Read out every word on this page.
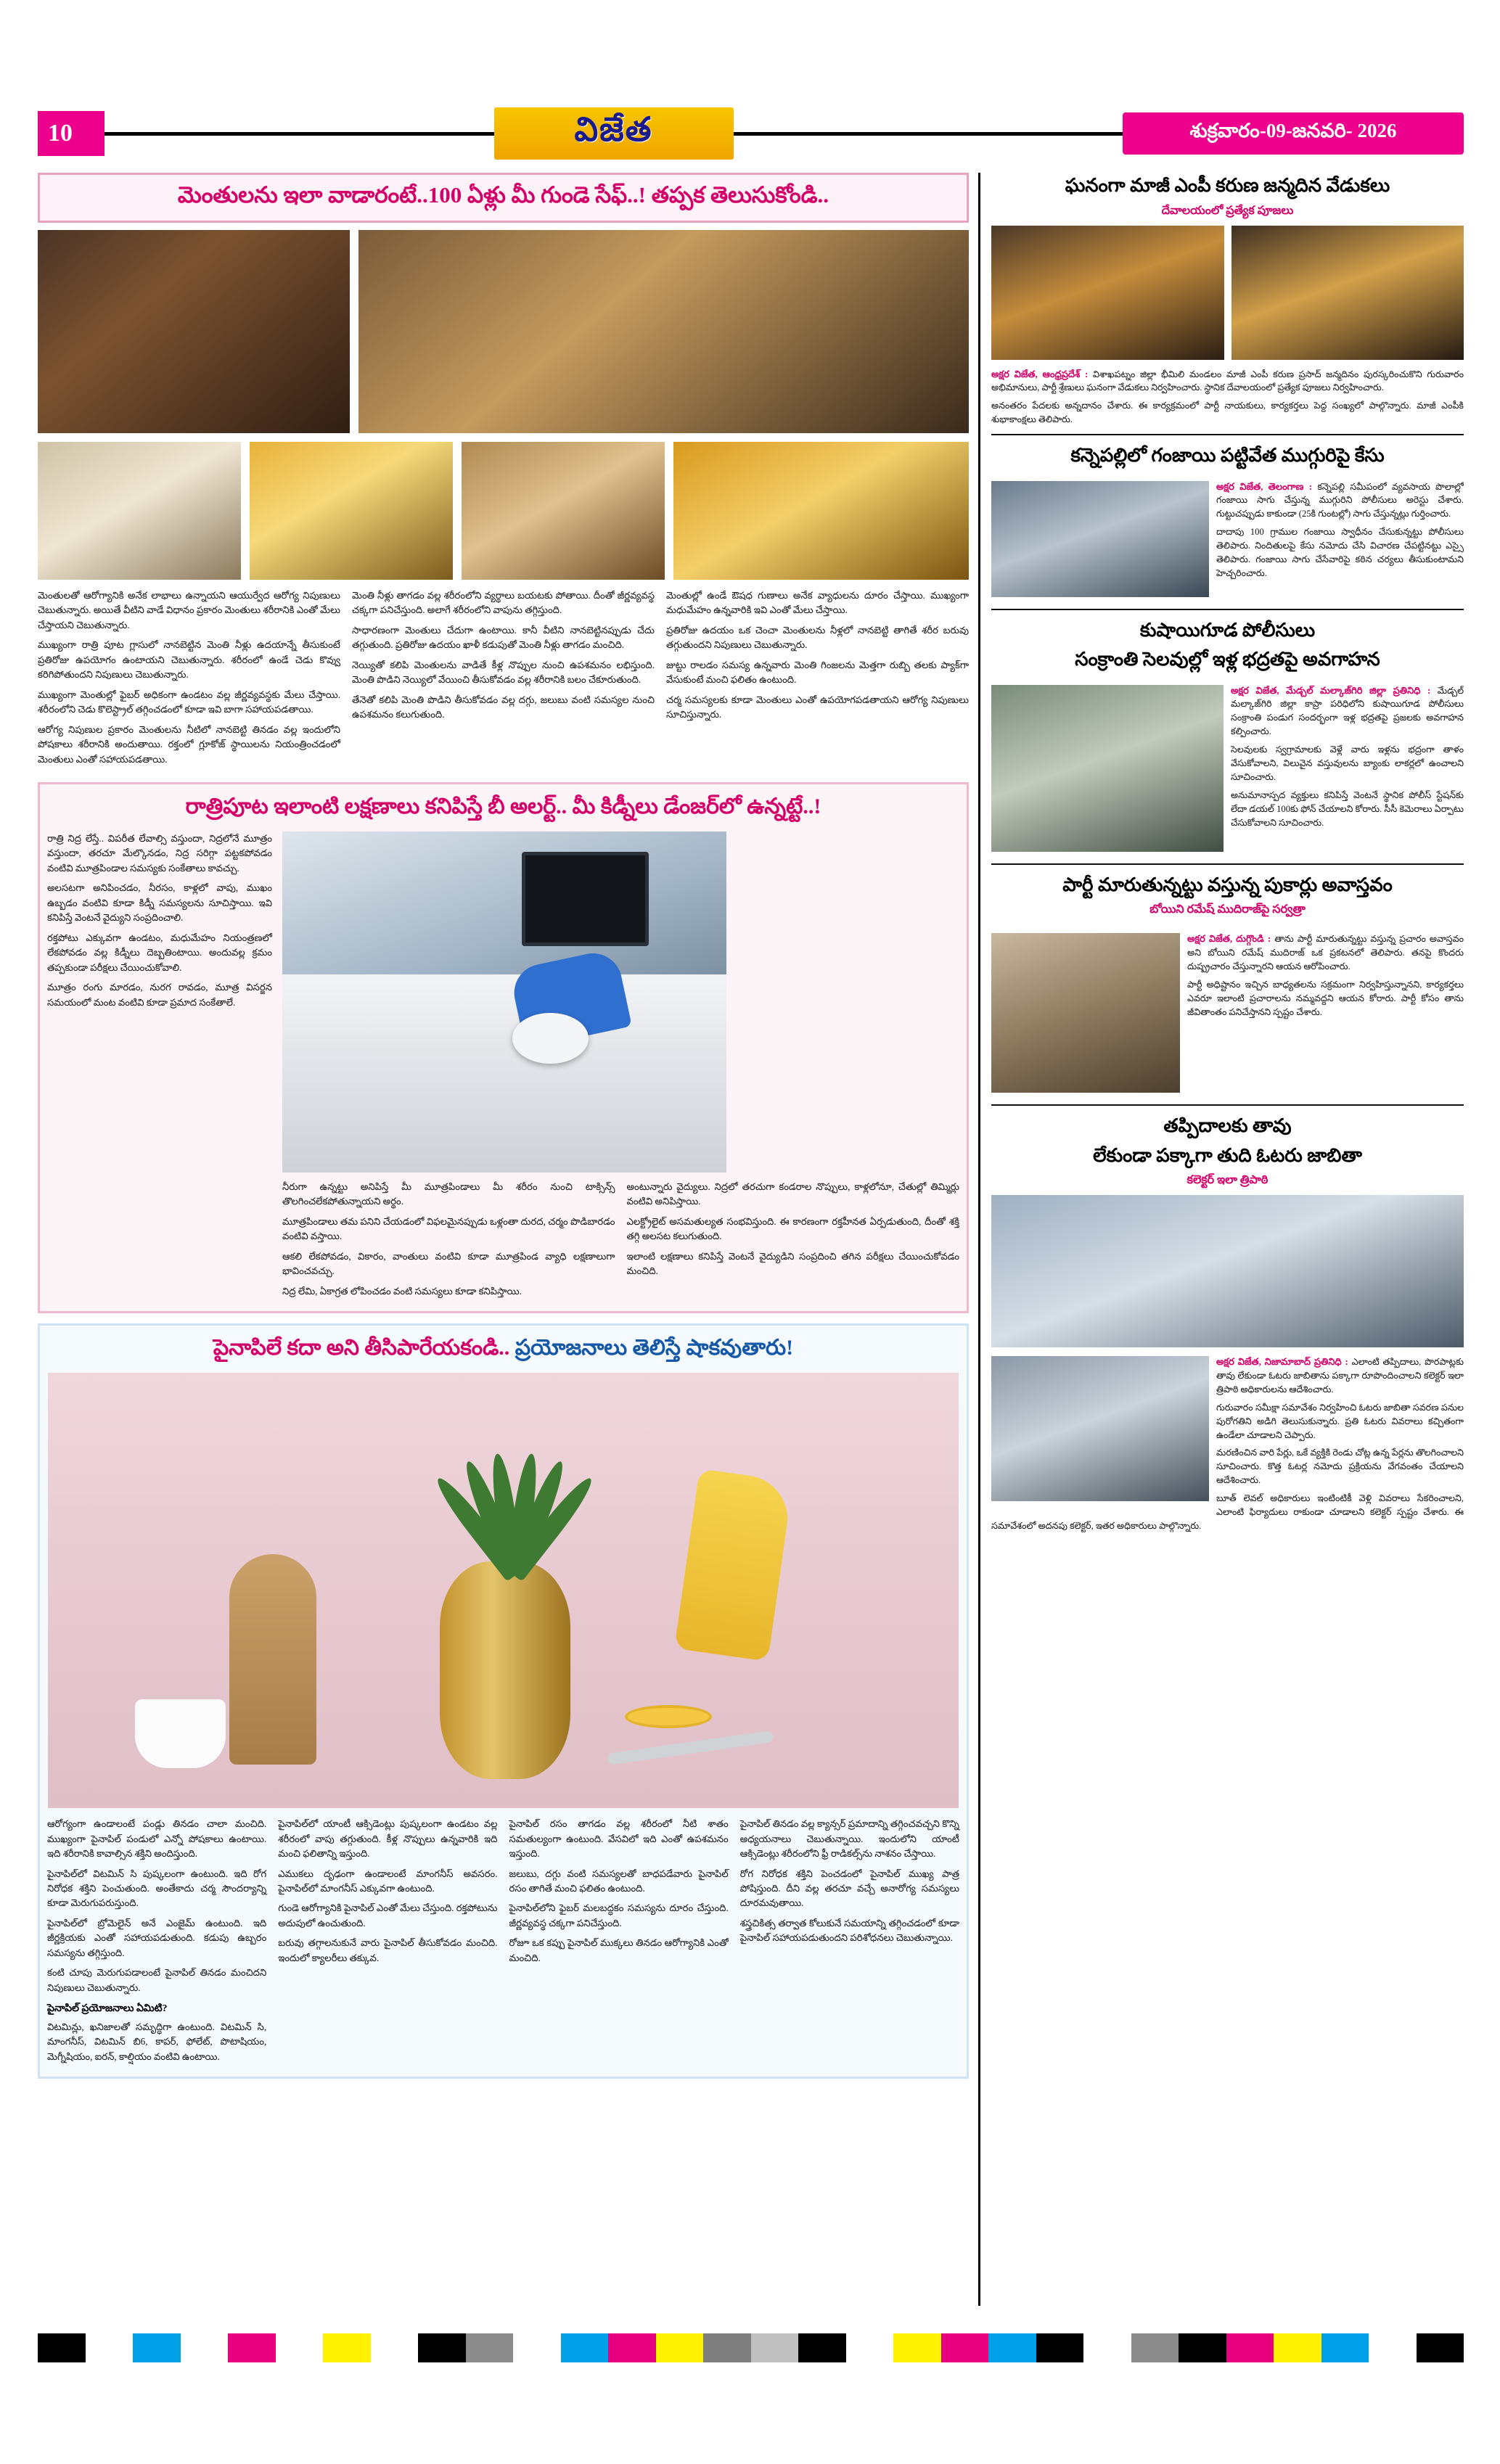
10	విజేత	శుక్రవారం-09-జనవరి- 2026
మెంతులను ఇలా వాడారంటే..100 ఏళ్లు మీ గుండె సేఫ్..! తప్పక తెలుసుకోండి..

మెంతులతో ఆరోగ్యానికి అనేక లాభాలు ఉన్నాయని ఆయుర్వేద ఆరోగ్య నిపుణులు చెబుతున్నారు. అయితే వీటిని వాడే విధానం ప్రకారం మెంతులు శరీరానికి ఎంతో మేలు చేస్తాయని చెబుతున్నారు.

ముఖ్యంగా రాత్రి పూట గ్లాసులో నానబెట్టిన మెంతి నీళ్లు ఉదయాన్నే తీసుకుంటే ప్రతిరోజు ఉపయోగం ఉంటాయని చెబుతున్నారు. శరీరంలో ఉండే చెడు కొవ్వు కరిగిపోతుందని నిపుణులు చెబుతున్నారు.

ముఖ్యంగా మెంతుల్లో ఫైబర్ అధికంగా ఉండటం వల్ల జీర్ణవ్యవస్థకు మేలు చేస్తాయి. శరీరంలోని చెడు కొలెస్ట్రాల్ తగ్గించడంలో కూడా ఇవి బాగా సహాయపడతాయి.

ఆరోగ్య నిపుణుల ప్రకారం మెంతులను నీటిలో నానబెట్టి తినడం వల్ల ఇందులోని పోషకాలు శరీరానికి అందుతాయి. రక్తంలో గ్లూకోజ్ స్థాయిలను నియంత్రించడంలో మెంతులు ఎంతో సహాయపడతాయి.

మెంతి నీళ్లు తాగడం వల్ల శరీరంలోని వ్యర్థాలు బయటకు పోతాయి. దీంతో జీర్ణవ్యవస్థ చక్కగా పనిచేస్తుంది. అలాగే శరీరంలోని వాపును తగ్గిస్తుంది.

సాధారణంగా మెంతులు చేదుగా ఉంటాయి. కానీ వీటిని నానబెట్టినప్పుడు చేదు తగ్గుతుంది. ప్రతిరోజు ఉదయం ఖాళీ కడుపుతో మెంతి నీళ్లు తాగడం మంచిది.

నెయ్యితో కలిపి మెంతులను వాడితే కీళ్ల నొప్పుల నుంచి ఉపశమనం లభిస్తుంది. మెంతి పొడిని నెయ్యిలో వేయించి తీసుకోవడం వల్ల శరీరానికి బలం చేకూరుతుంది.

తేనెతో కలిపి మెంతి పొడిని తీసుకోవడం వల్ల దగ్గు, జలుబు వంటి సమస్యల నుంచి ఉపశమనం కలుగుతుంది.

మెంతుల్లో ఉండే ఔషధ గుణాలు అనేక వ్యాధులను దూరం చేస్తాయి. ముఖ్యంగా మధుమేహం ఉన్నవారికి ఇవి ఎంతో మేలు చేస్తాయి.

ప్రతిరోజు ఉదయం ఒక చెంచా మెంతులను నీళ్లలో నానబెట్టి తాగితే శరీర బరువు తగ్గుతుందని నిపుణులు చెబుతున్నారు.

జుట్టు రాలడం సమస్య ఉన్నవారు మెంతి గింజలను మెత్తగా రుబ్బి తలకు ప్యాక్‌గా వేసుకుంటే మంచి ఫలితం ఉంటుంది.

చర్మ సమస్యలకు కూడా మెంతులు ఎంతో ఉపయోగపడతాయని ఆరోగ్య నిపుణులు సూచిస్తున్నారు.

రాత్రిపూట ఇలాంటి లక్షణాలు కనిపిస్తే బీ అలర్ట్.. మీ కిడ్నీలు డేంజర్‌లో ఉన్నట్టే..!

రాత్రి నిద్ర లేస్తే.. విపరీత లేవాల్సి వస్తుందా, నిద్రలోనే మూత్రం వస్తుందా, తరచూ మేల్కొనడం, నిద్ర సరిగ్గా పట్టకపోవడం వంటివి మూత్రపిండాల సమస్యకు సంకేతాలు కావచ్చు.

అలసటగా అనిపించడం, నీరసం, కాళ్లలో వాపు, ముఖం ఉబ్బడం వంటివి కూడా కిడ్నీ సమస్యలను సూచిస్తాయి. ఇవి కనిపిస్తే వెంటనే వైద్యుని సంప్రదించాలి.

రక్తపోటు ఎక్కువగా ఉండటం, మధుమేహం నియంత్రణలో లేకపోవడం వల్ల కిడ్నీలు దెబ్బతింటాయి. అందువల్ల క్రమం తప్పకుండా పరీక్షలు చేయించుకోవాలి.

మూత్రం రంగు మారడం, నురగ రావడం, మూత్ర విసర్జన సమయంలో మంట వంటివి కూడా ప్రమాద సంకేతాలే.

నీరుగా ఉన్నట్టు అనిపిస్తే మీ మూత్రపిండాలు మీ శరీరం నుంచి టాక్సిన్స్ తొలగించలేకపోతున్నాయని అర్థం.

మూత్రపిండాలు తమ పనిని చేయడంలో విఫలమైనప్పుడు ఒళ్లంతా దురద, చర్మం పొడిబారడం వంటివి వస్తాయి.

ఆకలి లేకపోవడం, వికారం, వాంతులు వంటివి కూడా మూత్రపిండ వ్యాధి లక్షణాలుగా భావించవచ్చు.

నిద్ర లేమి, ఏకాగ్రత లోపించడం వంటి సమస్యలు కూడా కనిపిస్తాయి.

అంటున్నారు వైద్యులు. నిద్రలో తరచుగా కండరాల నొప్పులు, కాళ్లలోనూ, చేతుల్లో తిమ్మిర్లు వంటివి అనిపిస్తాయి.

ఎలక్ట్రోలైట్ అసమతుల్యత సంభవిస్తుంది. ఈ కారణంగా రక్తహీనత ఏర్పడుతుంది, దీంతో శక్తి తగ్గి అలసట కలుగుతుంది.

ఇలాంటి లక్షణాలు కనిపిస్తే వెంటనే వైద్యుడిని సంప్రదించి తగిన పరీక్షలు చేయించుకోవడం మంచిది.

పైనాపిలే కదా అని తీసిపారేయకండి.. ప్రయోజనాలు తెలిస్తే షాకవుతారు!

ఆరోగ్యంగా ఉండాలంటే పండ్లు తినడం చాలా మంచిది. ముఖ్యంగా పైనాపిల్ పండులో ఎన్నో పోషకాలు ఉంటాయి. ఇది శరీరానికి కావాల్సిన శక్తిని అందిస్తుంది.

పైనాపిల్‌లో విటమిన్ సి పుష్కలంగా ఉంటుంది. ఇది రోగ నిరోధక శక్తిని పెంచుతుంది. అంతేకాదు చర్మ సౌందర్యాన్ని కూడా మెరుగుపరుస్తుంది.

పైనాపిల్‌లో బ్రోమెలైన్ అనే ఎంజైమ్ ఉంటుంది. ఇది జీర్ణక్రియకు ఎంతో సహాయపడుతుంది. కడుపు ఉబ్బరం సమస్యను తగ్గిస్తుంది.

కంటి చూపు మెరుగుపడాలంటే పైనాపిల్ తినడం మంచిదని నిపుణులు చెబుతున్నారు.

పైనాపిల్ ప్రయోజనాలు ఏమిటి?

విటమిన్లు, ఖనిజాలతో సమృద్ధిగా ఉంటుంది. విటమిన్ సి, మాంగనీస్, విటమిన్ బి6, కాపర్, ఫోలేట్, పొటాషియం, మెగ్నీషియం, ఐరన్, కాల్షియం వంటివి ఉంటాయి.

పైనాపిల్‌లో యాంటీ ఆక్సిడెంట్లు పుష్కలంగా ఉండటం వల్ల శరీరంలో వాపు తగ్గుతుంది. కీళ్ల నొప్పులు ఉన్నవారికి ఇది మంచి ఫలితాన్ని ఇస్తుంది.

ఎముకలు దృఢంగా ఉండాలంటే మాంగనీస్ అవసరం. పైనాపిల్‌లో మాంగనీస్ ఎక్కువగా ఉంటుంది.

గుండె ఆరోగ్యానికి పైనాపిల్ ఎంతో మేలు చేస్తుంది. రక్తపోటును అదుపులో ఉంచుతుంది.

బరువు తగ్గాలనుకునే వారు పైనాపిల్ తీసుకోవడం మంచిది. ఇందులో క్యాలరీలు తక్కువ.

పైనాపిల్ రసం తాగడం వల్ల శరీరంలో నీటి శాతం సమతుల్యంగా ఉంటుంది. వేసవిలో ఇది ఎంతో ఉపశమనం ఇస్తుంది.

జలుబు, దగ్గు వంటి సమస్యలతో బాధపడేవారు పైనాపిల్ రసం తాగితే మంచి ఫలితం ఉంటుంది.

పైనాపిల్‌లోని ఫైబర్ మలబద్ధకం సమస్యను దూరం చేస్తుంది. జీర్ణవ్యవస్థ చక్కగా పనిచేస్తుంది.

రోజూ ఒక కప్పు పైనాపిల్ ముక్కలు తినడం ఆరోగ్యానికి ఎంతో మంచిది.

పైనాపిల్ తినడం వల్ల క్యాన్సర్ ప్రమాదాన్ని తగ్గించవచ్చని కొన్ని అధ్యయనాలు చెబుతున్నాయి. ఇందులోని యాంటీ ఆక్సిడెంట్లు శరీరంలోని ఫ్రీ రాడికల్స్‌ను నాశనం చేస్తాయి.

రోగ నిరోధక శక్తిని పెంచడంలో పైనాపిల్ ముఖ్య పాత్ర పోషిస్తుంది. దీని వల్ల తరచూ వచ్చే అనారోగ్య సమస్యలు దూరమవుతాయి.

శస్త్రచికిత్స తర్వాత కోలుకునే సమయాన్ని తగ్గించడంలో కూడా పైనాపిల్ సహాయపడుతుందని పరిశోధనలు చెబుతున్నాయి.

ఘనంగా మాజీ ఎంపీ కరుణ జన్మదిన వేడుకలు
దేవాలయంలో ప్రత్యేక పూజలు

అక్షర విజేత, ఆంధ్రప్రదేశ్ : విశాఖపట్నం జిల్లా భీమిలి మండలం మాజీ ఎంపీ కరుణ ప్రసాద్ జన్మదినం పురస్కరించుకొని గురువారం అభిమానులు, పార్టీ శ్రేణులు ఘనంగా వేడుకలు నిర్వహించారు. స్థానిక దేవాలయంలో ప్రత్యేక పూజలు నిర్వహించారు.

అనంతరం పేదలకు అన్నదానం చేశారు. ఈ కార్యక్రమంలో పార్టీ నాయకులు, కార్యకర్తలు పెద్ద సంఖ్యలో పాల్గొన్నారు. మాజీ ఎంపీకి శుభాకాంక్షలు తెలిపారు.

కన్నెపల్లిలో గంజాయి పట్టివేత ముగ్గురిపై కేసు

అక్షర విజేత, తెలంగాణ : కన్నెపల్లి సమీపంలో వ్యవసాయ పొలాల్లో గంజాయి సాగు చేస్తున్న ముగ్గురిని పోలీసులు అరెస్టు చేశారు. గుట్టుచప్పుడు కాకుండా (25కి గుంటల్లో) సాగు చేస్తున్నట్లు గుర్తించారు.

దాదాపు 100 గ్రాముల గంజాయి స్వాధీనం చేసుకున్నట్టు పోలీసులు తెలిపారు. నిందితులపై కేసు నమోదు చేసి విచారణ చేపట్టినట్టు ఎస్సై తెలిపారు. గంజాయి సాగు చేసేవారిపై కఠిన చర్యలు తీసుకుంటామని హెచ్చరించారు.

కుషాయిగూడ పోలీసులు
సంక్రాంతి సెలవుల్లో ఇళ్ల భద్రతపై అవగాహన

అక్షర విజేత, మేడ్చల్ మల్కాజ్‌గిరి జిల్లా ప్రతినిధి : మేడ్చల్ మల్కాజ్‌గిరి జిల్లా కాప్రా పరిధిలోని కుషాయిగూడ పోలీసులు సంక్రాంతి పండుగ సందర్భంగా ఇళ్ల భద్రతపై ప్రజలకు అవగాహన కల్పించారు.

సెలవులకు స్వగ్రామాలకు వెళ్లే వారు ఇళ్లను భద్రంగా తాళం వేసుకోవాలని, విలువైన వస్తువులను బ్యాంకు లాకర్లలో ఉంచాలని సూచించారు.

అనుమానాస్పద వ్యక్తులు కనిపిస్తే వెంటనే స్థానిక పోలీస్ స్టేషన్‌కు లేదా డయల్ 100కు ఫోన్ చేయాలని కోరారు. సీసీ కెమెరాలు ఏర్పాటు చేసుకోవాలని సూచించారు.

పార్టీ మారుతున్నట్టు వస్తున్న పుకార్లు అవాస్తవం
బోయిని రమేష్ ముదిరాజ్‌పై సర్వత్రా

అక్షర విజేత, దుగ్గొండి : తాను పార్టీ మారుతున్నట్టు వస్తున్న ప్రచారం అవాస్తవం అని బోయిని రమేష్ ముదిరాజ్ ఒక ప్రకటనలో తెలిపారు. తనపై కొందరు దుష్ప్రచారం చేస్తున్నారని ఆయన ఆరోపించారు.

పార్టీ అధిష్టానం ఇచ్చిన బాధ్యతలను సక్రమంగా నిర్వహిస్తున్నానని, కార్యకర్తలు ఎవరూ ఇలాంటి ప్రచారాలను నమ్మవద్దని ఆయన కోరారు. పార్టీ కోసం తాను జీవితాంతం పనిచేస్తానని స్పష్టం చేశారు.

తప్పిదాలకు తావు
లేకుండా పక్కాగా తుది ఓటరు జాబితా
కలెక్టర్ ఇలా త్రిపాఠి

అక్షర విజేత, నిజామాబాద్ ప్రతినిధి : ఎలాంటి తప్పిదాలు, పొరపాట్లకు తావు లేకుండా ఓటరు జాబితాను పక్కాగా రూపొందించాలని కలెక్టర్ ఇలా త్రిపాఠి అధికారులను ఆదేశించారు.

గురువారం సమీక్షా సమావేశం నిర్వహించి ఓటరు జాబితా సవరణ పనుల పురోగతిని అడిగి తెలుసుకున్నారు. ప్రతి ఓటరు వివరాలు కచ్చితంగా ఉండేలా చూడాలని చెప్పారు.

మరణించిన వారి పేర్లు, ఒకే వ్యక్తికి రెండు చోట్ల ఉన్న పేర్లను తొలగించాలని సూచించారు. కొత్త ఓటర్ల నమోదు ప్రక్రియను వేగవంతం చేయాలని ఆదేశించారు.

బూత్ లెవల్ అధికారులు ఇంటింటికీ వెళ్లి వివరాలు సేకరించాలని, ఎలాంటి ఫిర్యాదులు రాకుండా చూడాలని కలెక్టర్ స్పష్టం చేశారు. ఈ సమావేశంలో అదనపు కలెక్టర్, ఇతర అధికారులు పాల్గొన్నారు.
